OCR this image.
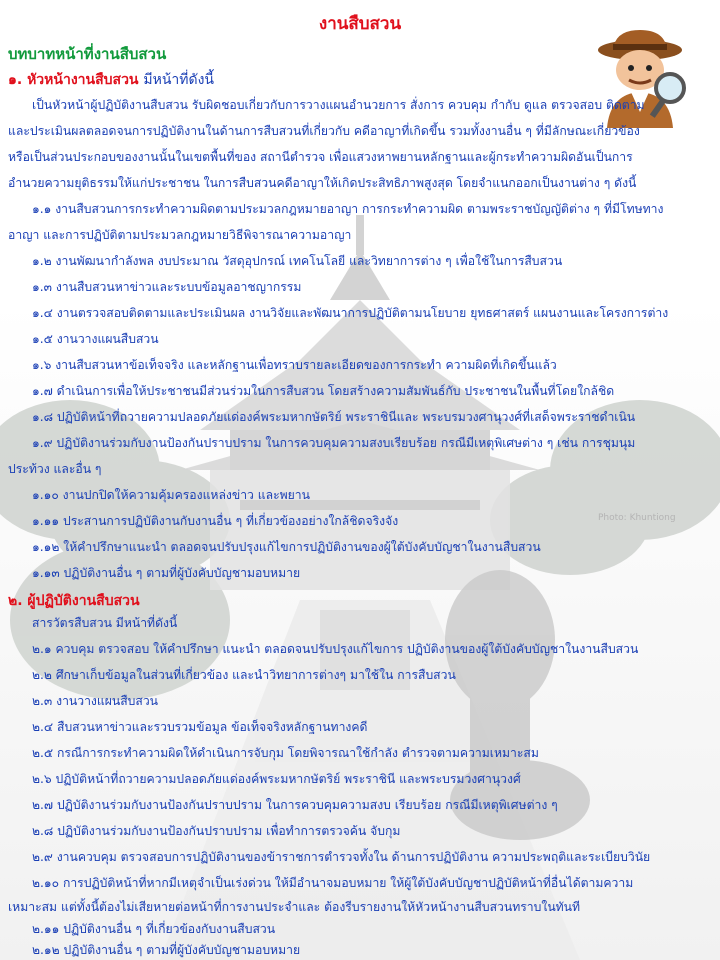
Photo: Khuntiong
งานสืบสวน
บทบาทหน้าที่งานสืบสวน
๑. หัวหน้างานสืบสวน มีหน้าที่ดังนี้
เป็นหัวหน้าผู้ปฏิบัติงานสืบสวน รับผิดชอบเกี่ยวกับการวางแผนอำนวยการ สั่งการ ควบคุม กำกับ ดูแล ตรวจสอบ ติดตาม
และประเมินผลตลอดจนการปฏิบัติงานในด้านการสืบสวนที่เกี่ยวกับ คดีอาญาที่เกิดขึ้น รวมทั้งงานอื่น ๆ ที่มีลักษณะเกี่ยวข้อง
หรือเป็นส่วนประกอบของงานนั้นในเขตพื้นที่ของ สถานีตำรวจ เพื่อแสวงหาพยานหลักฐานและผู้กระทำความผิดอันเป็นการ
อำนวยความยุติธรรมให้แก่ประชาชน ในการสืบสวนคดีอาญาให้เกิดประสิทธิภาพสูงสุด โดยจำแนกออกเป็นงานต่าง ๆ ดังนี้
๑.๑ งานสืบสวนการกระทำความผิดตามประมวลกฎหมายอาญา การกระทำความผิด ตามพระราชบัญญัติต่าง ๆ ที่มีโทษทาง
อาญา และการปฏิบัติตามประมวลกฎหมายวิธีพิจารณาความอาญา
๑.๒ งานพัฒนากำลังพล งบประมาณ วัสดุอุปกรณ์ เทคโนโลยี และวิทยาการต่าง ๆ เพื่อใช้ในการสืบสวน
๑.๓ งานสืบสวนหาข่าวและระบบข้อมูลอาชญากรรม
๑.๔ งานตรวจสอบติดตามและประเมินผล งานวิจัยและพัฒนาการปฏิบัติตามนโยบาย ยุทธศาสตร์ แผนงานและโครงการต่าง
๑.๕ งานวางแผนสืบสวน
๑.๖ งานสืบสวนหาข้อเท็จจริง และหลักฐานเพื่อทราบรายละเอียดของการกระทำ ความผิดที่เกิดขึ้นแล้ว
๑.๗ ดำเนินการเพื่อให้ประชาชนมีส่วนร่วมในการสืบสวน โดยสร้างความสัมพันธ์กับ ประชาชนในพื้นที่โดยใกล้ชิด
๑.๘ ปฏิบัติหน้าที่ถวายความปลอดภัยแด่องค์พระมหากษัตริย์ พระราชินีและ พระบรมวงศานุวงศ์ที่เสด็จพระราชดำเนิน
๑.๙ ปฏิบัติงานร่วมกับงานป้องกันปราบปราม ในการควบคุมความสงบเรียบร้อย กรณีมีเหตุพิเศษต่าง ๆ เช่น การชุมนุม
ประท้วง และอื่น ๆ
๑.๑๐ งานปกปิดให้ความคุ้มครองแหล่งข่าว และพยาน
๑.๑๑ ประสานการปฏิบัติงานกับงานอื่น ๆ ที่เกี่ยวข้องอย่างใกล้ชิดจริงจัง
๑.๑๒ ให้คำปรึกษาแนะนำ ตลอดจนปรับปรุงแก้ไขการปฏิบัติงานของผู้ใต้บังคับบัญชาในงานสืบสวน
๑.๑๓ ปฏิบัติงานอื่น ๆ ตามที่ผู้บังคับบัญชามอบหมาย
๒. ผู้ปฏิบัติงานสืบสวน
สารวัตรสืบสวน มีหน้าที่ดังนี้
๒.๑ ควบคุม ตรวจสอบ ให้คำปรึกษา แนะนำ ตลอดจนปรับปรุงแก้ไขการ ปฏิบัติงานของผู้ใต้บังคับบัญชาในงานสืบสวน
๒.๒ ศึกษาเก็บข้อมูลในส่วนที่เกี่ยวข้อง และนำวิทยาการต่างๆ มาใช้ใน การสืบสวน
๒.๓ งานวางแผนสืบสวน
๒.๔ สืบสวนหาข่าวและรวบรวมข้อมูล ข้อเท็จจริงหลักฐานทางคดี
๒.๕ กรณีการกระทำความผิดให้ดำเนินการจับกุม โดยพิจารณาใช้กำลัง ตำรวจตามความเหมาะสม
๒.๖ ปฏิบัติหน้าที่ถวายความปลอดภัยแด่องค์พระมหากษัตริย์ พระราชินี และพระบรมวงศานุวงศ์
๒.๗ ปฏิบัติงานร่วมกับงานป้องกันปราบปราม ในการควบคุมความสงบ เรียบร้อย กรณีมีเหตุพิเศษต่าง ๆ
๒.๘ ปฏิบัติงานร่วมกับงานป้องกันปราบปราม เพื่อทำการตรวจค้น จับกุม
๒.๙ งานควบคุม ตรวจสอบการปฏิบัติงานของข้าราชการตำรวจทั้งใน ด้านการปฏิบัติงาน ความประพฤติและระเบียบวินัย
๒.๑๐ การปฏิบัติหน้าที่หากมีเหตุจำเป็นเร่งด่วน ให้มีอำนาจมอบหมาย ให้ผู้ใต้บังคับบัญชาปฏิบัติหน้าที่อื่นได้ตามความ
เหมาะสม แต่ทั้งนี้ต้องไม่เสียหายต่อหน้าที่การงานประจำและ ต้องรีบรายงานให้หัวหน้างานสืบสวนทราบในทันที
๒.๑๑ ปฏิบัติงานอื่น ๆ ที่เกี่ยวข้องกับงานสืบสวน
๒.๑๒ ปฏิบัติงานอื่น ๆ ตามที่ผู้บังคับบัญชามอบหมาย
